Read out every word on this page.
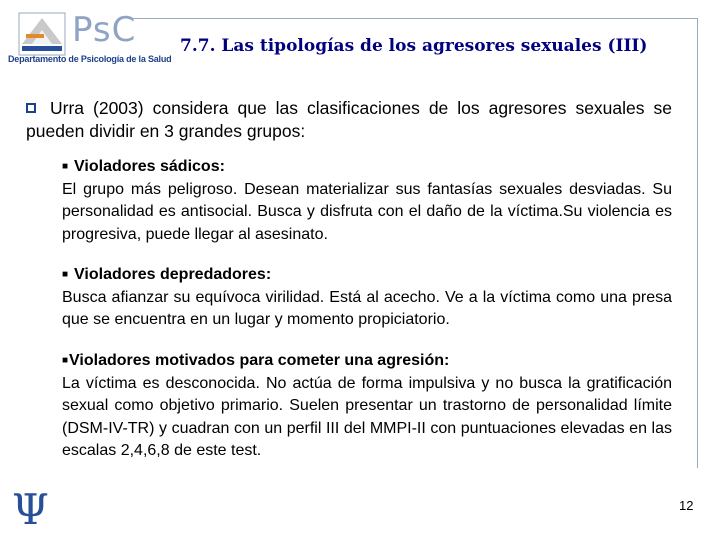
PsC
Departamento de Psicología de la Salud
7.7. Las tipologías de los agresores sexuales (III)
Urra (2003) considera que las clasificaciones de los agresores sexuales se pueden dividir en 3 grandes grupos:

■ Violadores sádicos:

El grupo más peligroso. Desean materializar sus fantasías sexuales desviadas. Su personalidad es antisocial. Busca y disfruta con el daño de la víctima.Su violencia es progresiva, puede llegar al asesinato.

■ Violadores depredadores:

Busca afianzar su equívoca virilidad. Está al acecho. Ve a la víctima como una presa que se encuentra en un lugar y momento propiciatorio.

■Violadores motivados para cometer una agresión:

La víctima es desconocida. No actúa de forma impulsiva y no busca la gratificación sexual como objetivo primario. Suelen presentar un trastorno de personalidad límite (DSM-IV-TR) y cuadran con un perfil III del MMPI-II con puntuaciones elevadas en las escalas 2,4,6,8 de este test.

Ψ	12
